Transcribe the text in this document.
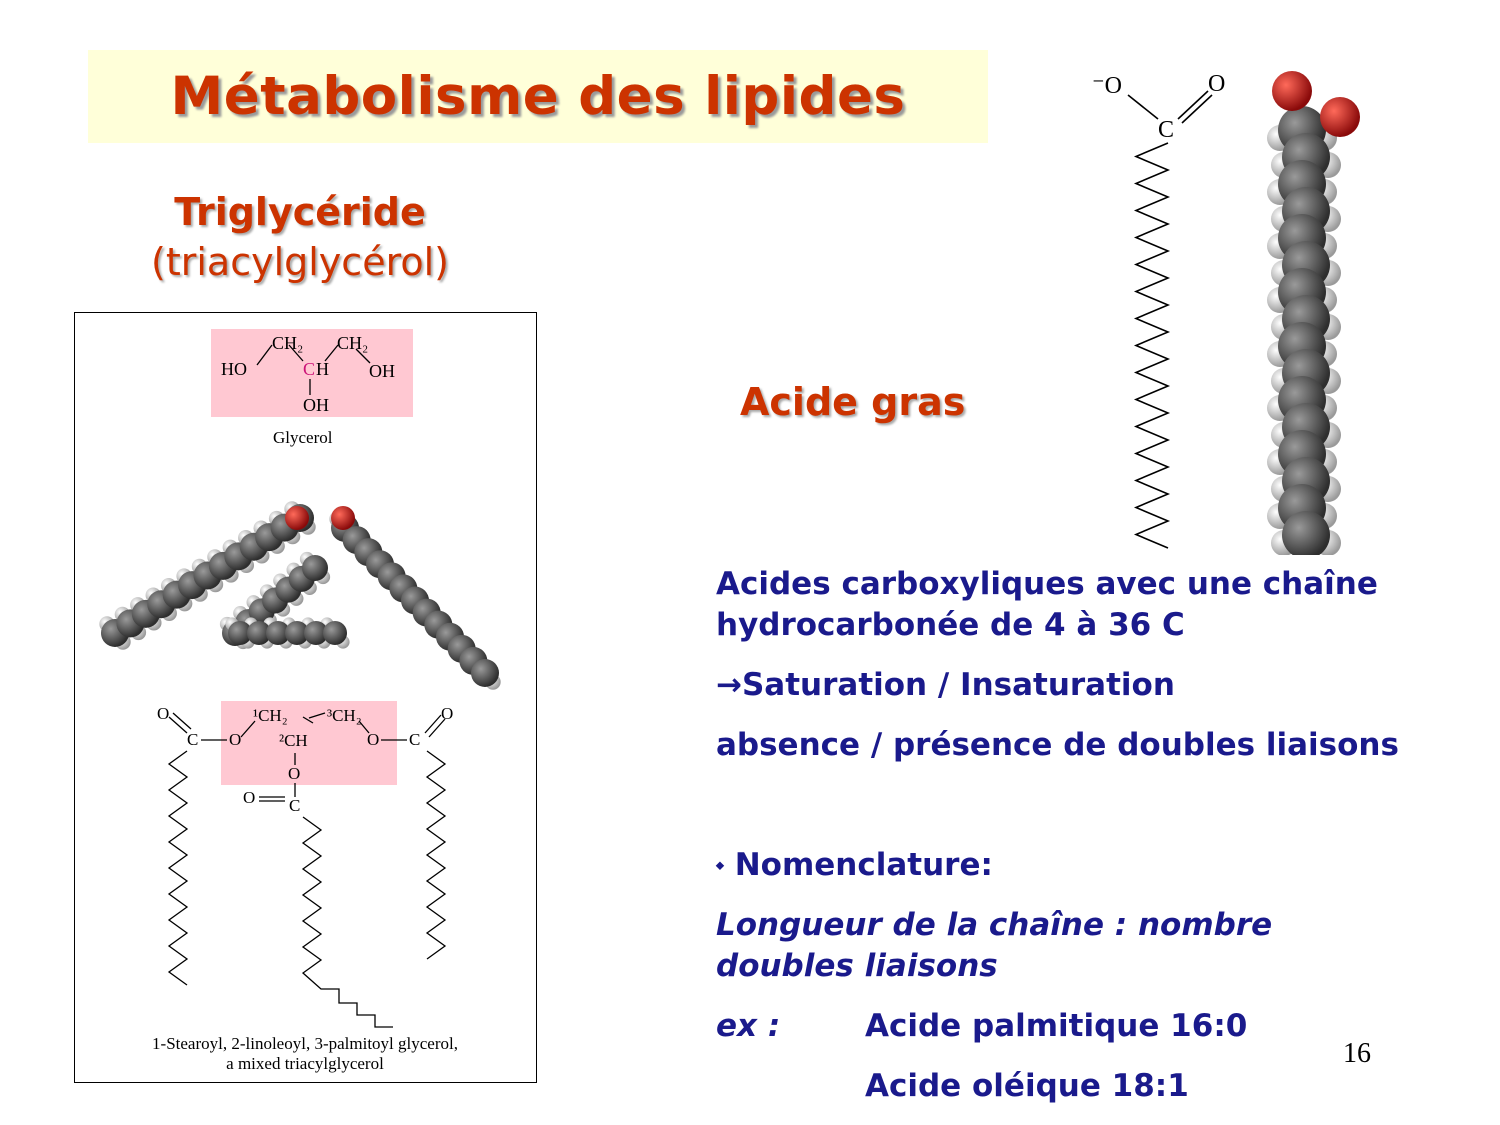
Métabolisme des lipides
Triglycéride
(triacylglycérol)
CH₂ CH₂
HO	C H OH
OH
Glycerol
O
C O
¹CH₂
²CH
³CH₂
O C
O
O
O C
1-Stearoyl, 2-linoleoyl, 3-palmitoyl glycerol,
a mixed triacylglycerol
⁻O	O
C
Acide gras
Acides carboxyliques avec une chaîne
hydrocarbonée de 4 à 36 C
→Saturation / Insaturation
absence / présence de doubles liaisons
⬩ Nomenclature:
Longueur de la chaîne : nombre
doubles liaisons
ex :	Acide palmitique 16:0
Acide oléique 18:1
16
